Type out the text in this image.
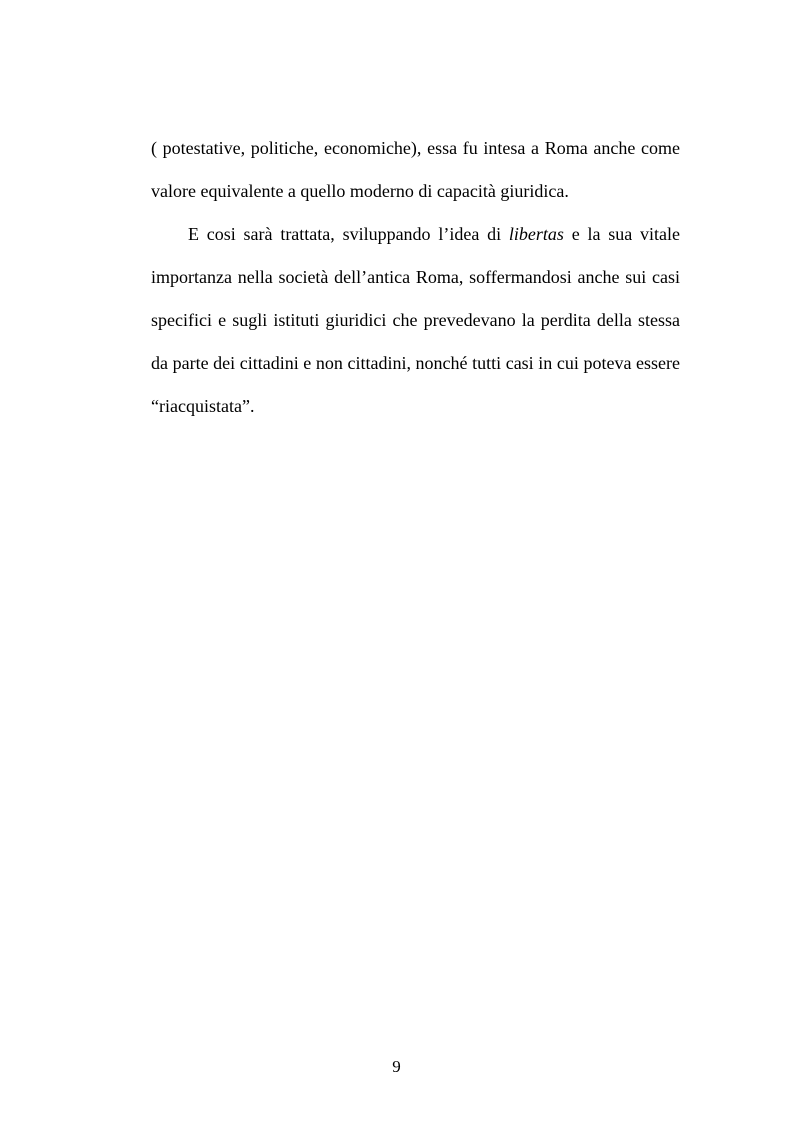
( potestative, politiche, economiche), essa fu intesa a Roma anche come valore equivalente a quello moderno di capacità giuridica.

E cosi sarà trattata, sviluppando l’idea di libertas e la sua vitale importanza nella società dell’antica Roma, soffermandosi anche sui casi specifici e sugli istituti giuridici che prevedevano la perdita della stessa da parte dei cittadini e non cittadini, nonché tutti casi in cui poteva essere “riacquistata”.

9
